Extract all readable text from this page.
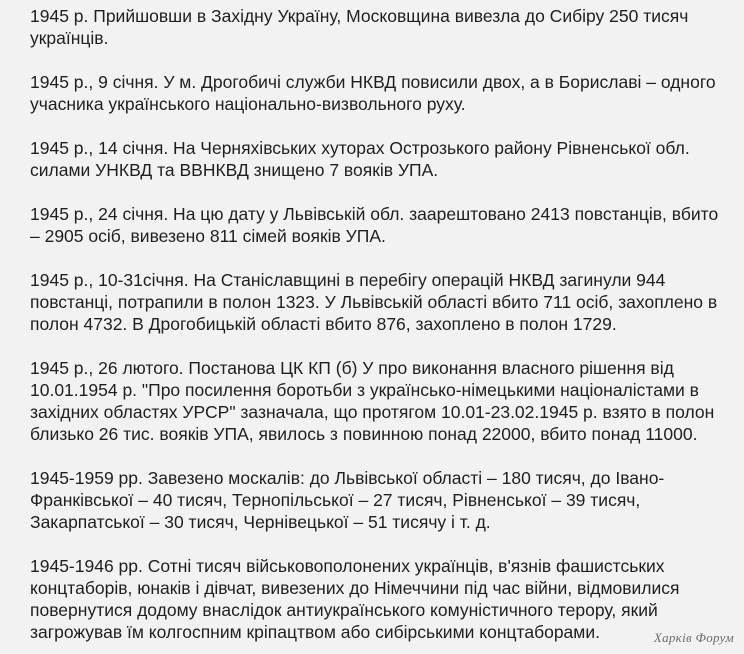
1945 р. Прийшовши в Західну Україну, Московщина вивезла до Сибіру 250 тисяч українців.

1945 р., 9 січня. У м. Дрогобичі служби НКВД повисили двох, а в Бориславі – одного учасника українського національно-визвольного руху.

1945 р., 14 січня. На Черняхівських хуторах Острозького району Рівненської обл. силами УНКВД та ВВНКВД знищено 7 вояків УПА.

1945 р., 24 січня. На цю дату у Львівській обл. заарештовано 2413 повстанців, вбито – 2905 осіб, вивезено 811 сімей вояків УПА.

1945 р., 10-31січня. На Станіславщині в перебігу операцій НКВД загинули 944 повстанці, потрапили в полон 1323. У Львівській області вбито 711 осіб, захоплено в полон 4732. В Дрогобицькій області вбито 876, захоплено в полон 1729.

1945 р., 26 лютого. Постанова ЦК КП (б) У про виконання власного рішення від 10.01.1954 р. "Про посилення боротьби з українсько-німецькими націоналістами в західних областях УРСР" зазначала, що протягом 10.01-23.02.1945 р. взято в полон близько 26 тис. вояків УПА, явилось з повинною понад 22000, вбито понад 11000.

1945-1959 рр. Завезено москалів: до Львівської області – 180 тисяч, до Івано-Франківської – 40 тисяч, Тернопільської – 27 тисяч, Рівненської – 39 тисяч, Закарпатської – 30 тисяч, Чернівецької – 51 тисячу і т. д.

1945-1946 рр. Сотні тисяч військовополонених українців, в'язнів фашистських концтаборів, юнаків і дівчат, вивезених до Німеччини під час війни, відмовилися повернутися додому внаслідок антиукраїнського комуністичного терору, який загрожував їм колгоспним кріпацтвом або сибірськими концтаборами.	Харків Форум
